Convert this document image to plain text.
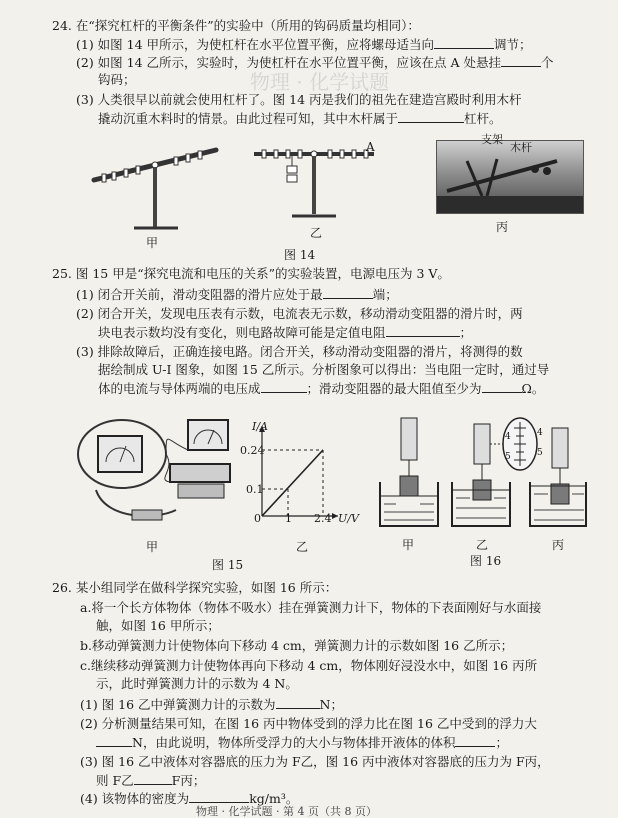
物理 · 化学试题
24. 在“探究杠杆的平衡条件”的实验中（所用的钩码质量均相同）：
(1) 如图 14 甲所示，为使杠杆在水平位置平衡，应将螺母适当向	调节；
(2) 如图 14 乙所示，实验时，为使杠杆在水平位置平衡，应该在点 A 处悬挂	个
钩码；
(3) 人类很早以前就会使用杠杆了。图 14 丙是我们的祖先在建造宫殿时利用木杆
撬动沉重木料时的情景。由此过程可知，其中木杆属于	杠杆。
甲
A
乙
支架
木杆
丙
图 14
25. 图 15 甲是“探究电流和电压的关系”的实验装置，电源电压为 3 V。
(1) 闭合开关前，滑动变阻器的滑片应处于最	端；
(2) 闭合开关，发现电压表有示数，电流表无示数，移动滑动变阻器的滑片时，两
块电表示数均没有变化，则电路故障可能是定值电阻	；
(3) 排除故障后，正确连接电路。闭合开关，移动滑动变阻器的滑片，将测得的数
据绘制成 U-I 图象，如图 15 乙所示。分析图象可以得出：当电阻一定时，通过导
体的电流与导体两端的电压成	；滑动变阻器的最大阻值至少为	Ω。
甲
I/A
0.24
0.1
0 1 2.4 U/V
乙
图 15
4
5
4
5
甲	乙	丙
图 16
26. 某小组同学在做科学探究实验，如图 16 所示：
a.将一个长方体物体（物体不吸水）挂在弹簧测力计下，物体的下表面刚好与水面接
触，如图 16 甲所示；
b.移动弹簧测力计使物体向下移动 4 cm，弹簧测力计的示数如图 16 乙所示；
c.继续移动弹簧测力计使物体再向下移动 4 cm，物体刚好浸没水中，如图 16 丙所
示，此时弹簧测力计的示数为 4 N。
(1) 图 16 乙中弹簧测力计的示数为	N；
(2) 分析测量结果可知，在图 16 丙中物体受到的浮力比在图 16 乙中受到的浮力大
N，由此说明，物体所受浮力的大小与物体排开液体的体积	；
(3) 图 16 乙中液体对容器底的压力为 F乙，图 16 丙中液体对容器底的压力为 F丙，
则 F乙	F丙；
(4) 该物体的密度为	kg/m³。
物理 · 化学试题 · 第 4 页（共 8 页）
